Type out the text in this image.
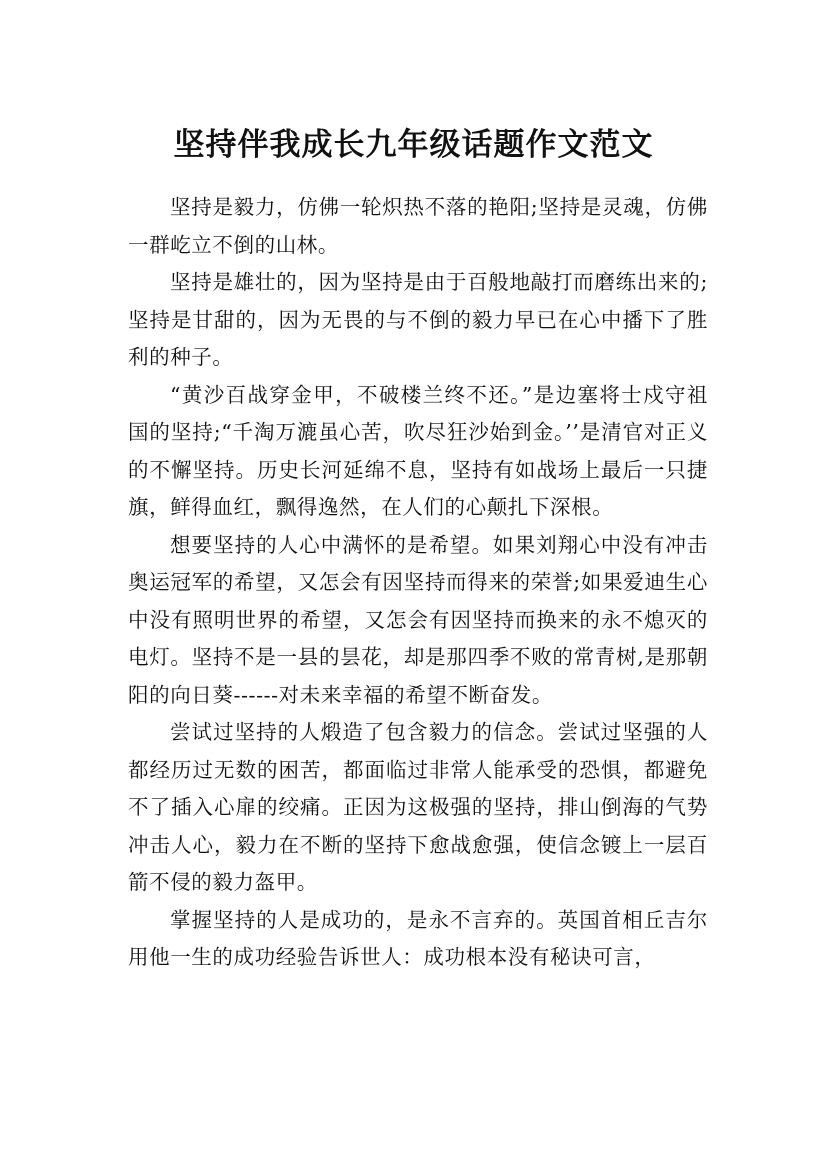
坚持伴我成长九年级话题作文范文

坚持是毅力，仿佛一轮炽热不落的艳阳;坚持是灵魂，仿佛一群屹立不倒的山林。

坚持是雄壮的，因为坚持是由于百般地敲打而磨练出来的;坚持是甘甜的，因为无畏的与不倒的毅力早已在心中播下了胜利的种子。

“黄沙百战穿金甲，不破楼兰终不还。”是边塞将士戍守祖国的坚持;“千淘万漉虽心苦，吹尽狂沙始到金。’’是清官对正义的不懈坚持。历史长河延绵不息，坚持有如战场上最后一只捷旗，鲜得血红，飘得逸然，在人们的心颠扎下深根。

想要坚持的人心中满怀的是希望。如果刘翔心中没有冲击奥运冠军的希望，又怎会有因坚持而得来的荣誉;如果爱迪生心中没有照明世界的希望，又怎会有因坚持而换来的永不熄灭的电灯。坚持不是一县的昙花，却是那四季不败的常青树,是那朝阳的向日葵------对未来幸福的希望不断奋发。

尝试过坚持的人煅造了包含毅力的信念。尝试过坚强的人都经历过无数的困苦，都面临过非常人能承受的恐惧，都避免不了插入心扉的绞痛。正因为这极强的坚持，排山倒海的气势冲击人心，毅力在不断的坚持下愈战愈强，使信念镀上一层百箭不侵的毅力盔甲。

掌握坚持的人是成功的，是永不言弃的。英国首相丘吉尔用他一生的成功经验告诉世人：成功根本没有秘诀可言，
